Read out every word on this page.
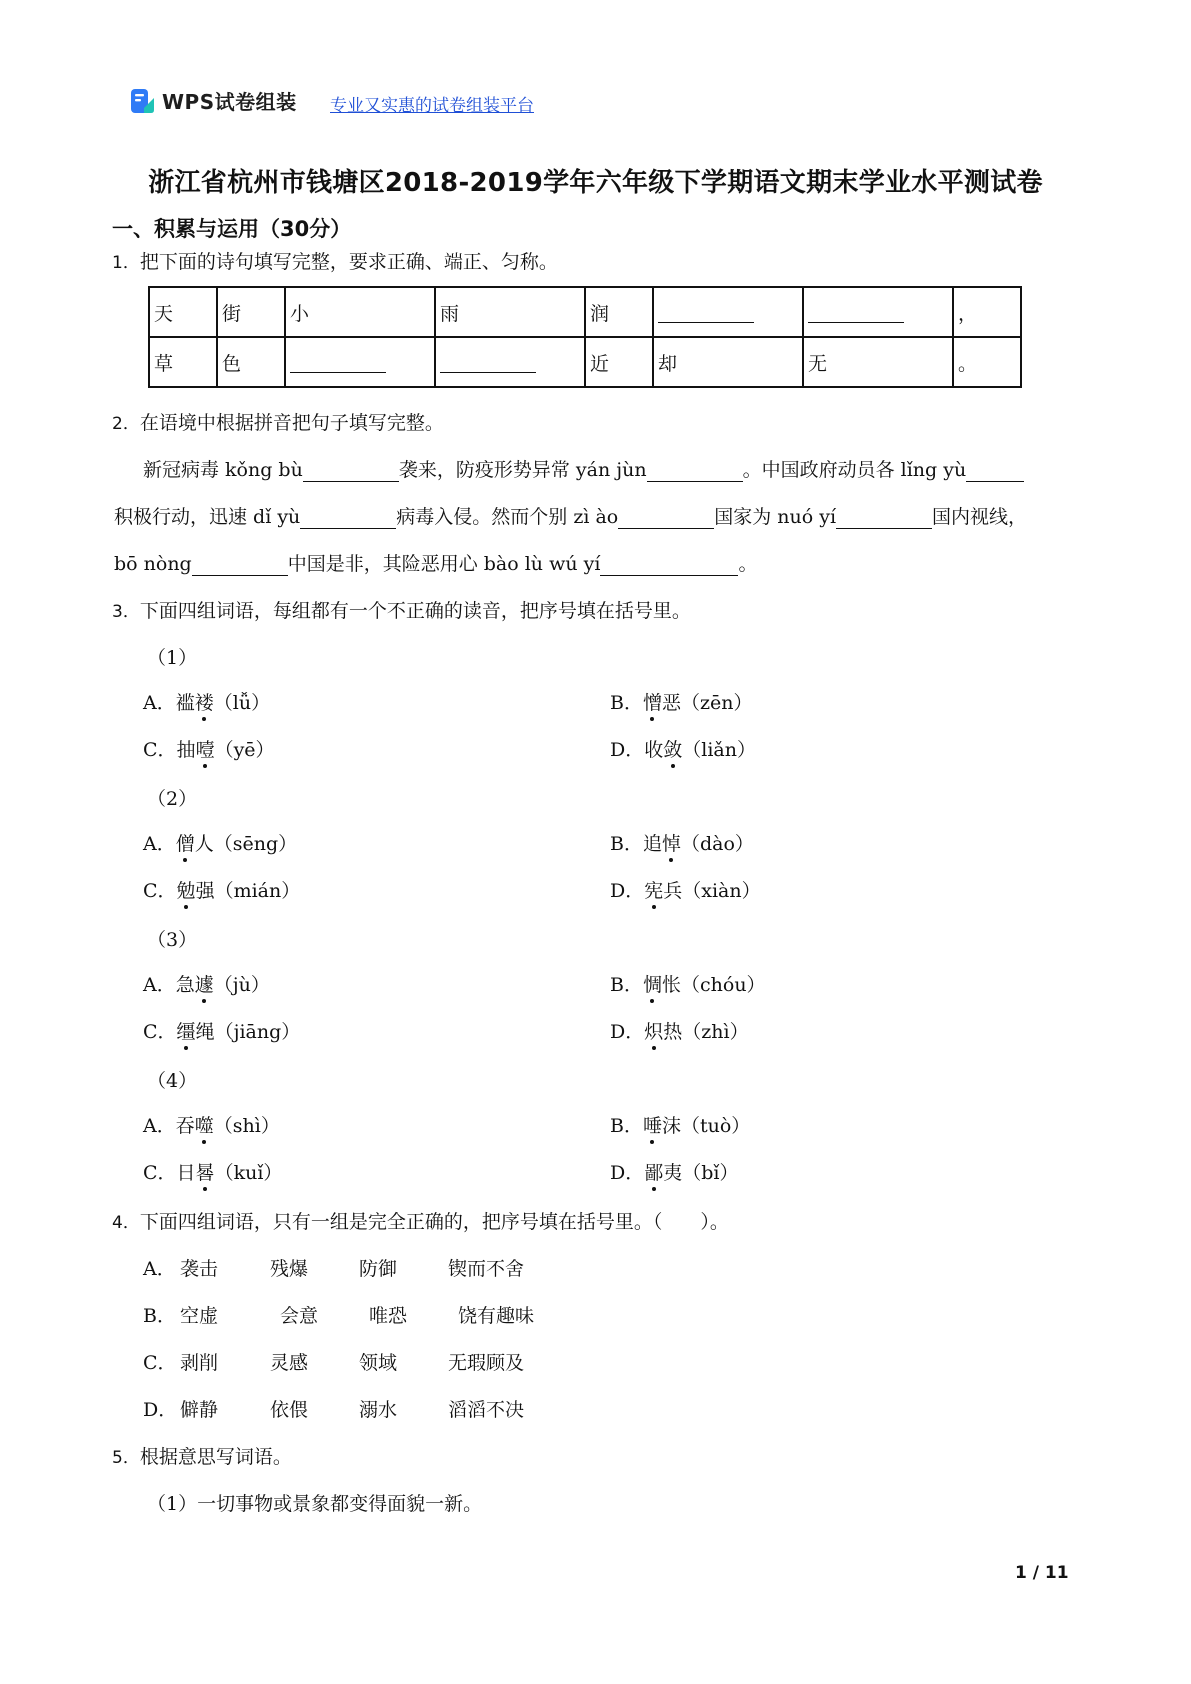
WPS试卷组装 专业又实惠的试卷组装平台
浙江省杭州市钱塘区2018-2019学年六年级下学期语文期末学业水平测试卷
一、积累与运用（30分）
1．把下面的诗句填写完整，要求正确、端正、匀称。
天	街	小	雨	润			，
草	色			近	却	无	。
2．在语境中根据拼音把句子填写完整。
新冠病毒 kǒng bù	袭来，防疫形势异常 yán jùn	。中国政府动员各 lǐng yù
积极行动，迅速 dǐ yù	病毒入侵。然而个别 zì ào	国家为 nuó yí	国内视线，
bō nòng	中国是非，其险恶用心 bào lù wú yí	。
3．下面四组词语，每组都有一个不正确的读音，把序号填在括号里。
（1）
A．褴褛（lǚ）	B．憎恶（zēn）
C．抽噎（yē）	D．收敛（liǎn）
（2）
A．僧人（sēng）	B．追悼（dào）
C．勉强（mián）	D．宪兵（xiàn）
（3）
A．急遽（jù）	B．惆怅（chóu）
C．缰绳（jiāng）	D．炽热（zhì）
（4）
A．吞噬（shì）	B．唾沫（tuò）
C．日晷（kuǐ）	D．鄙夷（bǐ）
4．下面四组词语，只有一组是完全正确的，把序号填在括号里。（　　）。
A． 袭击	残爆	防御	锲而不舍
B． 空虚	会意	唯恐	饶有趣味
C． 剥削	灵感	领域	无瑕顾及
D． 僻静	依偎	溺水	滔滔不决
5．根据意思写词语。
（1）一切事物或景象都变得面貌一新。
1 / 11
